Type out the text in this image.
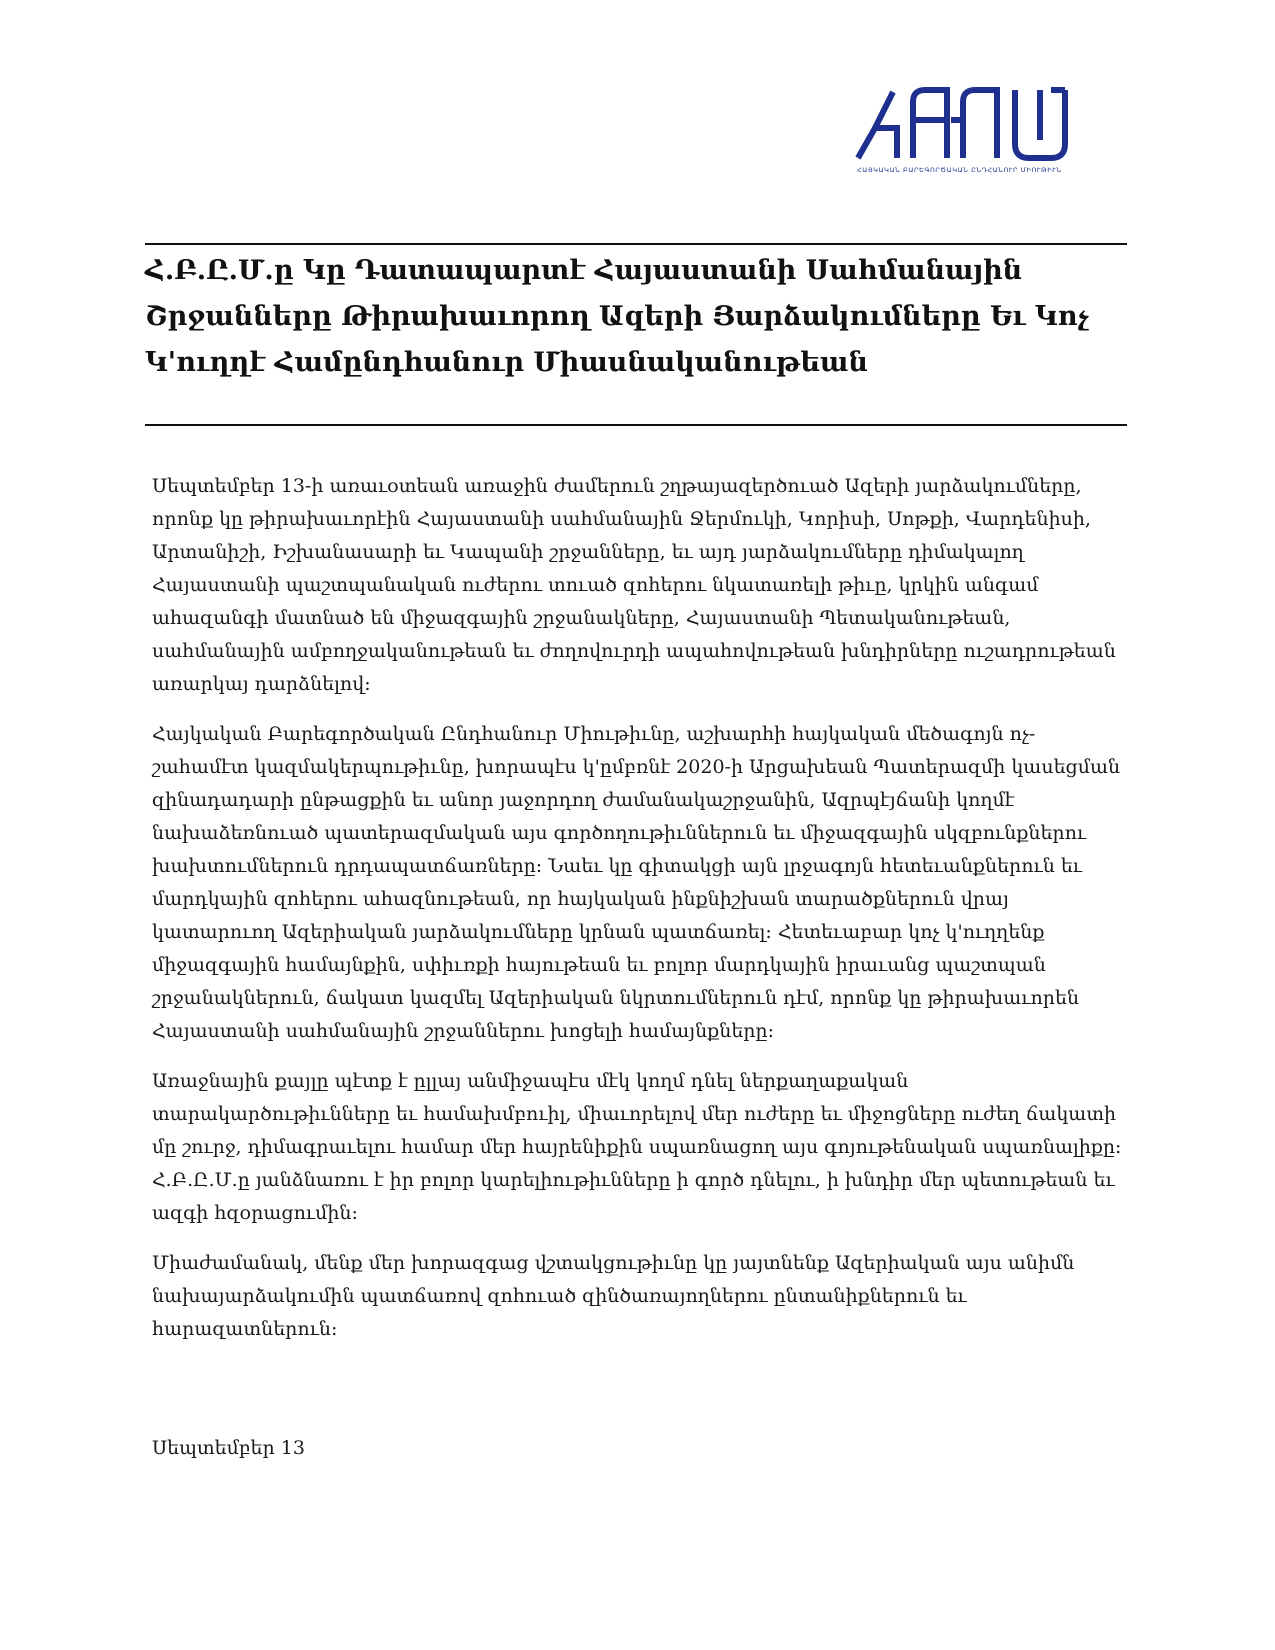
ՀԱՅԿԱԿԱՆ ԲԱՐԵԳՈՐԾԱԿԱՆ ԸՆԴՀԱՆՈՒՐ ՄԻՈՒԹԻՒՆ
Հ.Բ.Ը.Մ.ը Կը Դատապարտէ Հայաստանի Սահմանային Շրջանները Թիրախաւորող Ազերի Յարձակումները Եւ Կոչ Կ'ուղղէ Համընդհանուր Միասնականութեան

Սեպտեմբեր 13-ի առաւօտեան առաջին ժամերուն շղթայազերծուած Ազերի յարձակումները, որոնք կը թիրախաւորէին Հայաստանի սահմանային Ջերմուկի, Կորիսի, Սոթքի, Վարդենիսի, Արտանիշի, Իշխանասարի եւ Կապանի շրջանները, եւ այդ յարձակումները դիմակալող Հայաստանի պաշտպանական ուժերու տուած զոհերու նկատառելի թիւը, կրկին անգամ ահազանգի մատնած են միջազգային շրջանակները, Հայաստանի Պետականութեան, սահմանային ամբողջականութեան եւ ժողովուրդի ապահովութեան խնդիրները ուշադրութեան առարկայ դարձնելով:

Հայկական Բարեգործական Ընդհանուր Միութիւնը, աշխարհի հայկական մեծագոյն ոչ-շահամէտ կազմակերպութիւնը, խորապէս կ'ըմբռնէ 2020-ի Արցախեան Պատերազմի կասեցման զինադադարի ընթացքին եւ անոր յաջորդող ժամանակաշրջանին, Ազրպէյճանի կողմէ նախաձեռնուած պատերազմական այս գործողութիւններուն եւ միջազգային սկզբունքներու խախտումներուն դրդապատճառները: Նաեւ կը գիտակցի այն լրջագոյն հետեւանքներուն եւ մարդկային զոհերու ահազնութեան, որ հայկական ինքնիշխան տարածքներուն վրայ կատարուող Ազերիական յարձակումները կրնան պատճառել: Հետեւաբար կոչ կ'ուղղենք միջազգային համայնքին, սփիւռքի հայութեան եւ բոլոր մարդկային իրաւանց պաշտպան շրջանակներուն, ճակատ կազմել Ազերիական նկրտումներուն դէմ, որոնք կը թիրախաւորեն Հայաստանի սահմանային շրջաններու խոցելի համայնքները:

Առաջնային քայլը պէտք է ըլլայ անմիջապէս մէկ կողմ դնել ներքաղաքական տարակարծութիւնները եւ համախմբուիլ, միաւորելով մեր ուժերը եւ միջոցները ուժեղ ճակատի մը շուրջ, դիմագրաւելու համար մեր հայրենիքին սպառնացող այս գոյութենական սպառնալիքը: Հ.Բ.Ը.Մ.ը յանձնառու է իր բոլոր կարելիութիւնները ի գործ դնելու, ի խնդիր մեր պետութեան եւ ազգի հզօրացումին:

Միաժամանակ, մենք մեր խորազգաց վշտակցութիւնը կը յայտնենք Ազերիական այս անիմն նախայարձակումին պատճառով զոհուած զինծառայողներու ընտանիքներուն եւ հարազատներուն:

Սեպտեմբեր 13
